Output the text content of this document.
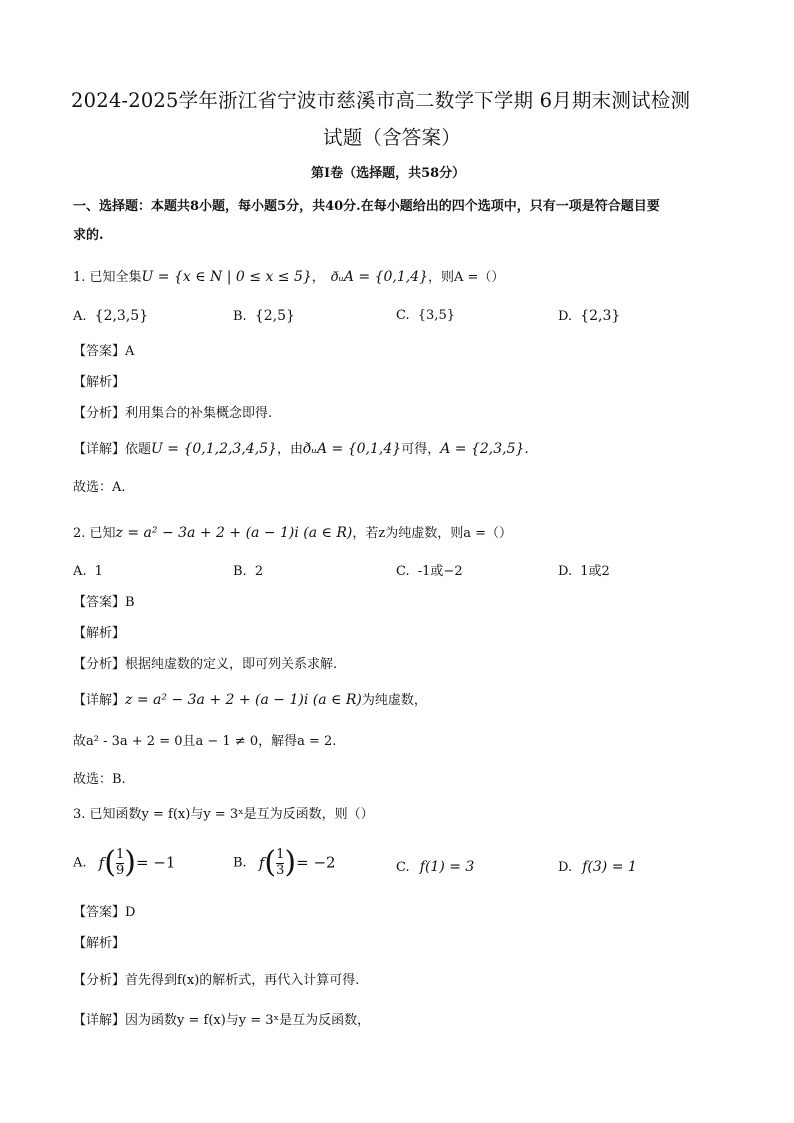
2024-2025学年浙江省宁波市慈溪市高二数学下学期 6月期末测试检测
试题（含答案）
第Ⅰ卷（选择题，共58分）
一、选择题：本题共8小题，每小题5分，共40分.在每小题给出的四个选项中，只有一项是符合题目要
求的.
1. 已知全集U = {x ∈ N | 0 ≤ x ≤ 5}， ðᵤA = {0,1,4}，则A =（）
A. {2,3,5}	B. {2,5}	C. {3,5}	D. {2,3}
【答案】A
【解析】
【分析】利用集合的补集概念即得.
【详解】依题U = {0,1,2,3,4,5}，由ðᵤA = {0,1,4}可得，A = {2,3,5}.
故选：A.
2. 已知z = a² − 3a + 2 + (a − 1)i (a ∈ R)，若z为纯虚数，则a =（）
A. 1	B. 2	C. -1或−2	D. 1或2
【答案】B
【解析】
【分析】根据纯虚数的定义，即可列关系求解.
【详解】z = a² − 3a + 2 + (a − 1)i (a ∈ R)为纯虚数，
故a² - 3a + 2 = 0且a − 1 ≠ 0，解得a = 2.
故选：B.
3. 已知函数y = f(x)与y = 3ˣ是互为反函数，则（）
A. $f( \frac{1}{9}$ )= −1	B. $f( \frac{1}{3}$ )= −2	C. f(1) = 3	D. f(3) = 1
【答案】D
【解析】
【分析】首先得到f(x)的解析式，再代入计算可得.
【详解】因为函数y = f(x)与y = 3ˣ是互为反函数，
